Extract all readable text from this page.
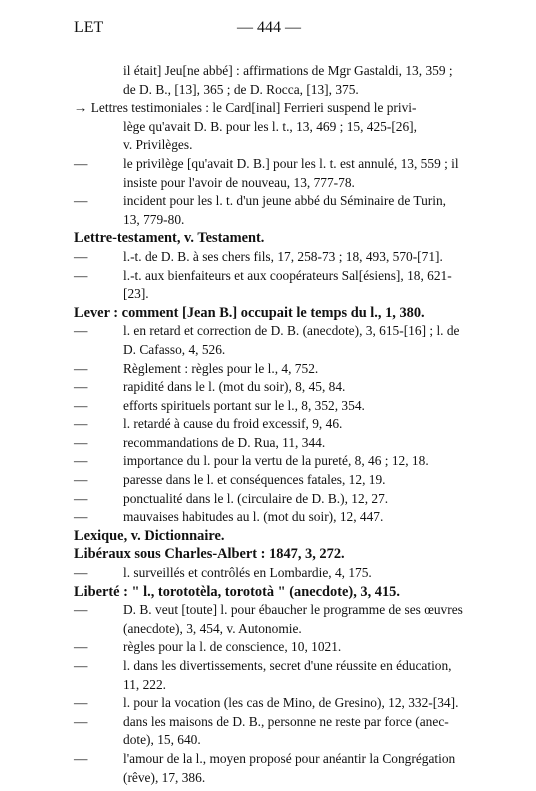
LET	— 444 —
il était] Jeu[ne abbé] : affirmations de Mgr Gastaldi, 13, 359 ;
de D. B., [13], 365 ; de D. Rocca, [13], 375.
→ Lettres testimoniales : le Card[inal] Ferrieri suspend le privi-
lège qu'avait D. B. pour les l. t., 13, 469 ; 15, 425-[26],
v. Privilèges.
—	le privilège [qu'avait D. B.] pour les l. t. est annulé, 13, 559 ; il
insiste pour l'avoir de nouveau, 13, 777-78.
—	incident pour les l. t. d'un jeune abbé du Séminaire de Turin,
13, 779-80.
Lettre-testament, v. Testament.
—	l.-t. de D. B. à ses chers fils, 17, 258-73 ; 18, 493, 570-[71].
—	l.-t. aux bienfaiteurs et aux coopérateurs Sal[ésiens], 18, 621-[23].
Lever : comment [Jean B.] occupait le temps du l., 1, 380.
—	l. en retard et correction de D. B. (anecdote), 3, 615-[16] ; l. de
D. Cafasso, 4, 526.
—	Règlement : règles pour le l., 4, 752.
—	rapidité dans le l. (mot du soir), 8, 45, 84.
—	efforts spirituels portant sur le l., 8, 352, 354.
—	l. retardé à cause du froid excessif, 9, 46.
—	recommandations de D. Rua, 11, 344.
—	importance du l. pour la vertu de la pureté, 8, 46 ; 12, 18.
—	paresse dans le l. et conséquences fatales, 12, 19.
—	ponctualité dans le l. (circulaire de D. B.), 12, 27.
—	mauvaises habitudes au l. (mot du soir), 12, 447.
Lexique, v. Dictionnaire.
Libéraux sous Charles-Albert : 1847, 3, 272.
—	l. surveillés et contrôlés en Lombardie, 4, 175.
Liberté : " l., torototèla, torototà " (anecdote), 3, 415.
—	D. B. veut [toute] l. pour ébaucher le programme de ses œuvres
(anecdote), 3, 454, v. Autonomie.
—	règles pour la l. de conscience, 10, 1021.
—	l. dans les divertissements, secret d'une réussite en éducation,
11, 222.
—	l. pour la vocation (les cas de Mino, de Gresino), 12, 332-[34].
—	dans les maisons de D. B., personne ne reste par force (anec-
dote), 15, 640.
—	l'amour de la l., moyen proposé pour anéantir la Congrégation
(rêve), 17, 386.
